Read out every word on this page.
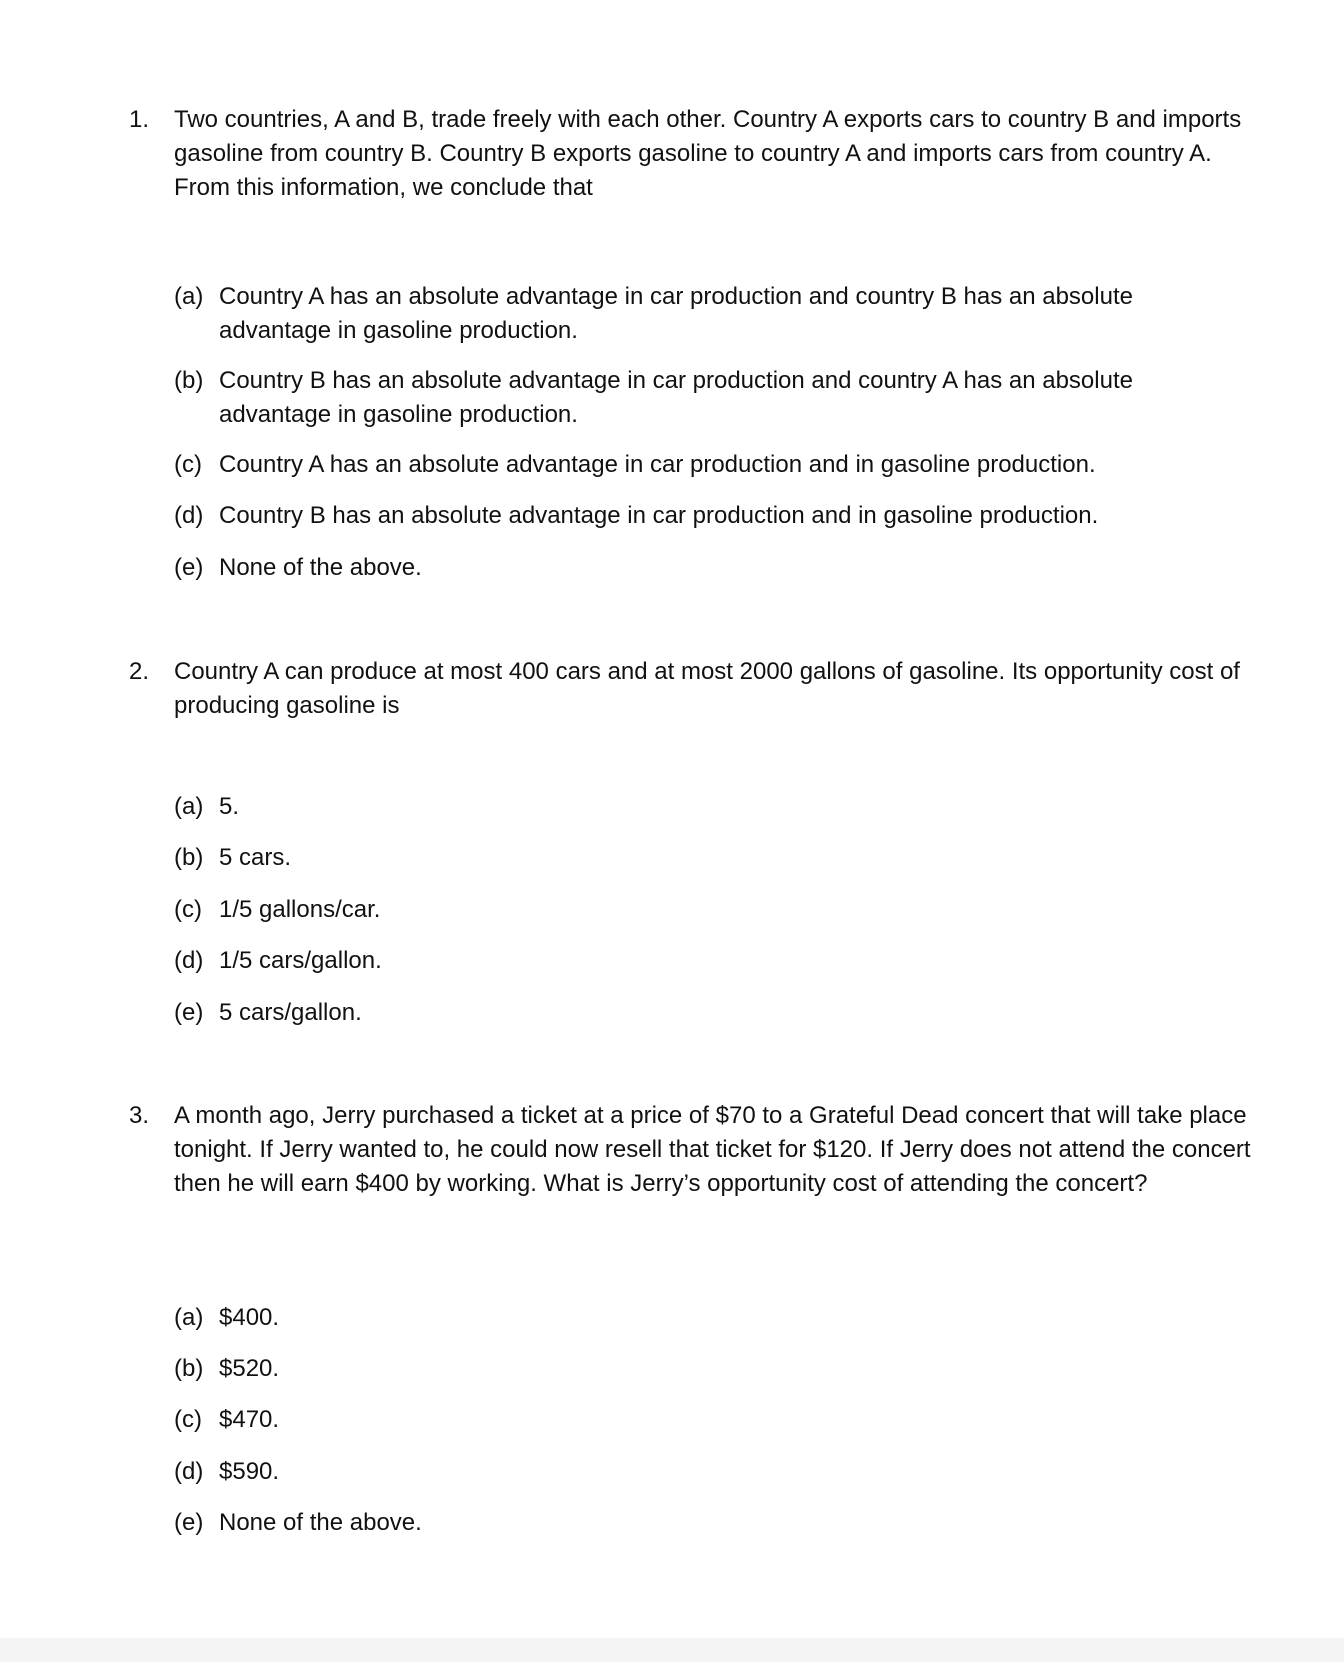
1. Two countries, A and B, trade freely with each other. Country A exports cars to country B and imports gasoline from country B. Country B exports gasoline to country A and imports cars from country A. From this information, we conclude that

(a) Country A has an absolute advantage in car production and country B has an absolute advantage in gasoline production.
(b) Country B has an absolute advantage in car production and country A has an absolute advantage in gasoline production.
(c) Country A has an absolute advantage in car production and in gasoline production.
(d) Country B has an absolute advantage in car production and in gasoline production.
(e) None of the above.
2. Country A can produce at most 400 cars and at most 2000 gallons of gasoline. Its opportunity cost of producing gasoline is

(a) 5.
(b) 5 cars.
(c) 1/5 gallons/car.
(d) 1/5 cars/gallon.
(e) 5 cars/gallon.
3. A month ago, Jerry purchased a ticket at a price of $70 to a Grateful Dead concert that will take place tonight. If Jerry wanted to, he could now resell that ticket for $120. If Jerry does not attend the concert then he will earn $400 by working. What is Jerry’s opportunity cost of attending the concert?

(a) $400.
(b) $520.
(c) $470.
(d) $590.
(e) None of the above.
